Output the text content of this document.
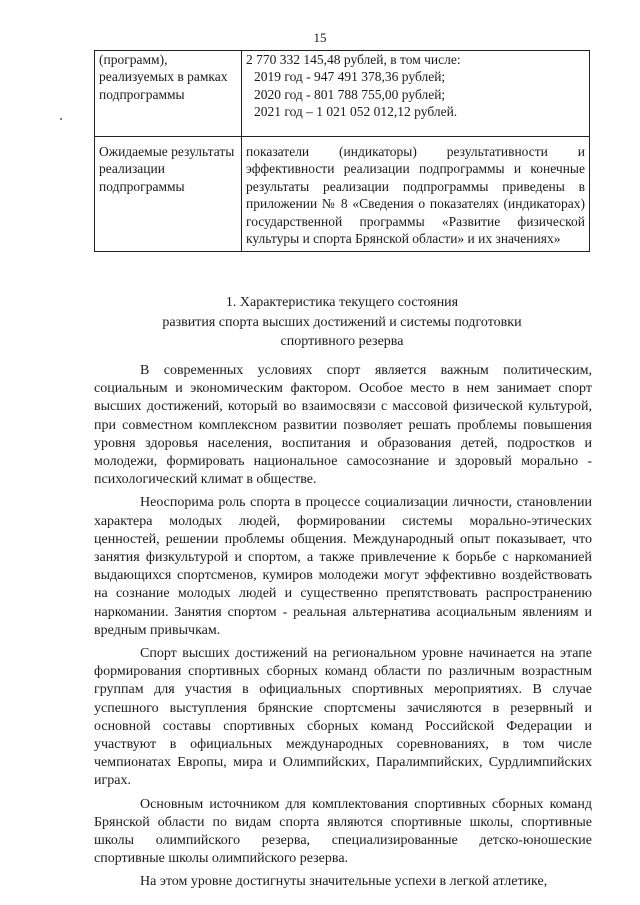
15
(программ), реализуемых в рамках подпрограммы	2 770 332 145,48 рублей, в том числе:
2019 год - 947 491 378,36 рублей;
2020 год - 801 788 755,00 рублей;
2021 год – 1 021 052 012,12 рублей.

Ожидаемые результаты реализации подпрограммы	показатели (индикаторы) результативности и эффективности реализации подпрограммы и конечные результаты реализации подпрограммы приведены в приложении № 8 «Сведения о показателях (индикаторах) государственной программы «Развитие физической культуры и спорта Брянской области» и их значениях»
1. Характеристика текущего состояния
развития спорта высших достижений и системы подготовки
спортивного резерва

В современных условиях спорт является важным политическим, социальным и экономическим фактором. Особое место в нем занимает спорт высших достижений, который во взаимосвязи с массовой физической культурой, при совместном комплексном развитии позволяет решать проблемы повышения уровня здоровья населения, воспитания и образования детей, подростков и молодежи, формировать национальное самосознание и здоровый морально - психологический климат в обществе.

Неоспорима роль спорта в процессе социализации личности, становлении характера молодых людей, формировании системы морально-этических ценностей, решении проблемы общения. Международный опыт показывает, что занятия физкультурой и спортом, а также привлечение к борьбе с наркоманией выдающихся спортсменов, кумиров молодежи могут эффективно воздействовать на сознание молодых людей и существенно препятствовать распространению наркомании. Занятия спортом - реальная альтернатива асоциальным явлениям и вредным привычкам.

Спорт высших достижений на региональном уровне начинается на этапе формирования спортивных сборных команд области по различным возрастным группам для участия в официальных спортивных мероприятиях. В случае успешного выступления брянские спортсмены зачисляются в резервный и основной составы спортивных сборных команд Российской Федерации и участвуют в официальных международных соревнованиях, в том числе чемпионатах Европы, мира и Олимпийских, Паралимпийских, Сурдлимпийских играх.

Основным источником для комплектования спортивных сборных команд Брянской области по видам спорта являются спортивные школы, спортивные школы олимпийского резерва, специализированные детско-юношеские спортивные школы олимпийского резерва.

На этом уровне достигнуты значительные успехи в легкой атлетике,
